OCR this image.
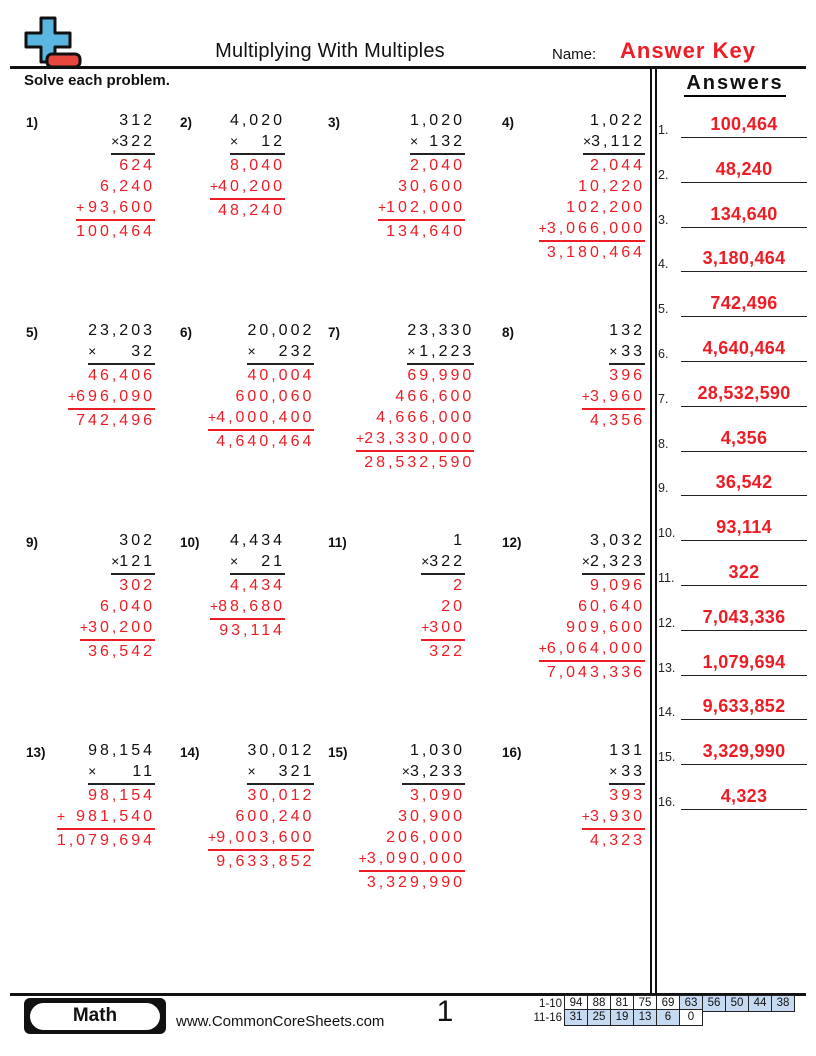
Multiplying With Multiples	Name: Answer Key
Solve each problem.	Answers
1.	100,464
2.	48,240
3.	134,640
4.	3,180,464
5.	742,496
6.	4,640,464
7.	28,532,590
8.	4,356
9.	36,542
10.	93,114
11.	322
12.	7,043,336
13.	1,079,694
14.	9,633,852
15.	3,329,990
16.	4,323
1)	312
× 322
624
6,240
+ 93,600
100,464
2)	4,020
× 12
8,040
+ 40,200
48,240
3)	1,020
× 132
2,040
30,600
+ 102,000
134,640
4)	1,022
× 3,112
2,044
10,220
102,200
+ 3,066,000
3,180,464
5)	23,203
× 32
46,406
+ 696,090
742,496
6)	20,002
× 232
40,004
600,060
+ 4,000,400
4,640,464
7)	23,330
× 1,223
69,990
466,600
4,666,000
+ 23,330,000
28,532,590
8)	132
× 33
396
+ 3,960
4,356
9)	302
× 121
302
6,040
+ 30,200
36,542
10)	4,434
× 21
4,434
+ 88,680
93,114
11)	1
× 322
2
20
+ 300
322
12)	3,032
× 2,323
9,096
60,640
909,600
+ 6,064,000
7,043,336
13)	98,154
× 11
98,154
+ 981,540
1,079,694
14)	30,012
× 321
30,012
600,240
+ 9,003,600
9,633,852
15)	1,030
× 3,233
3,090
30,900
206,000
+ 3,090,000
3,329,990
16)	131
× 33
393
+ 3,930
4,323
Math	www.CommonCoreSheets.com	1	1-10 94 88 81 75 69 63 56 50 44 38
11-16 31 25 19 13	6	0
